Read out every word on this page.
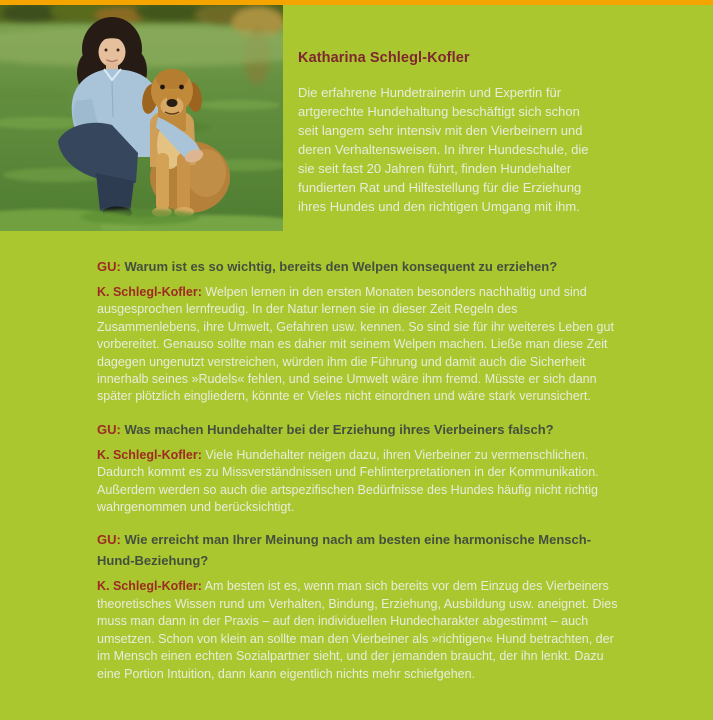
Katharina Schlegl-Kofler

Die erfahrene Hundetrainerin und Expertin für artgerechte Hundehaltung beschäftigt sich schon seit langem sehr intensiv mit den Vierbeinern und deren Verhaltensweisen. In ihrer Hundeschule, die sie seit fast 20 Jahren führt, finden Hundehalter fundierten Rat und Hilfestellung für die Erziehung ihres Hundes und den richtigen Umgang mit ihm.

GU: Warum ist es so wichtig, bereits den Welpen konsequent zu erziehen?

K. Schlegl-Kofler: Welpen lernen in den ersten Monaten besonders nachhaltig und sind ausgesprochen lernfreudig. In der Natur lernen sie in dieser Zeit Regeln des Zusammenlebens, ihre Umwelt, Gefahren usw. kennen. So sind sie für ihr weiteres Leben gut vorbereitet. Genauso sollte man es daher mit seinem Welpen machen. Ließe man diese Zeit dagegen ungenutzt verstreichen, würden ihm die Führung und damit auch die Sicherheit innerhalb seines »Rudels« fehlen, und seine Umwelt wäre ihm fremd. Müsste er sich dann später plötzlich eingliedern, könnte er Vieles nicht einordnen und wäre stark verunsichert.

GU: Was machen Hundehalter bei der Erziehung ihres Vierbeiners falsch?

K. Schlegl-Kofler: Viele Hundehalter neigen dazu, ihren Vierbeiner zu vermenschlichen. Dadurch kommt es zu Missverständnissen und Fehlinterpretationen in der Kommunikation. Außerdem werden so auch die artspezifischen Bedürfnisse des Hundes häufig nicht richtig wahrgenommen und berücksichtigt.

GU: Wie erreicht man Ihrer Meinung nach am besten eine harmonische Mensch-Hund-Beziehung?

K. Schlegl-Kofler: Am besten ist es, wenn man sich bereits vor dem Einzug des Vierbeiners theoretisches Wissen rund um Verhalten, Bindung, Erziehung, Ausbildung usw. aneignet. Dies muss man dann in der Praxis – auf den individuellen Hundecharakter abgestimmt – auch umsetzen. Schon von klein an sollte man den Vierbeiner als »richtigen« Hund betrachten, der im Mensch einen echten Sozialpartner sieht, und der jemanden braucht, der ihn lenkt. Dazu eine Portion Intuition, dann kann eigentlich nichts mehr schiefgehen.
